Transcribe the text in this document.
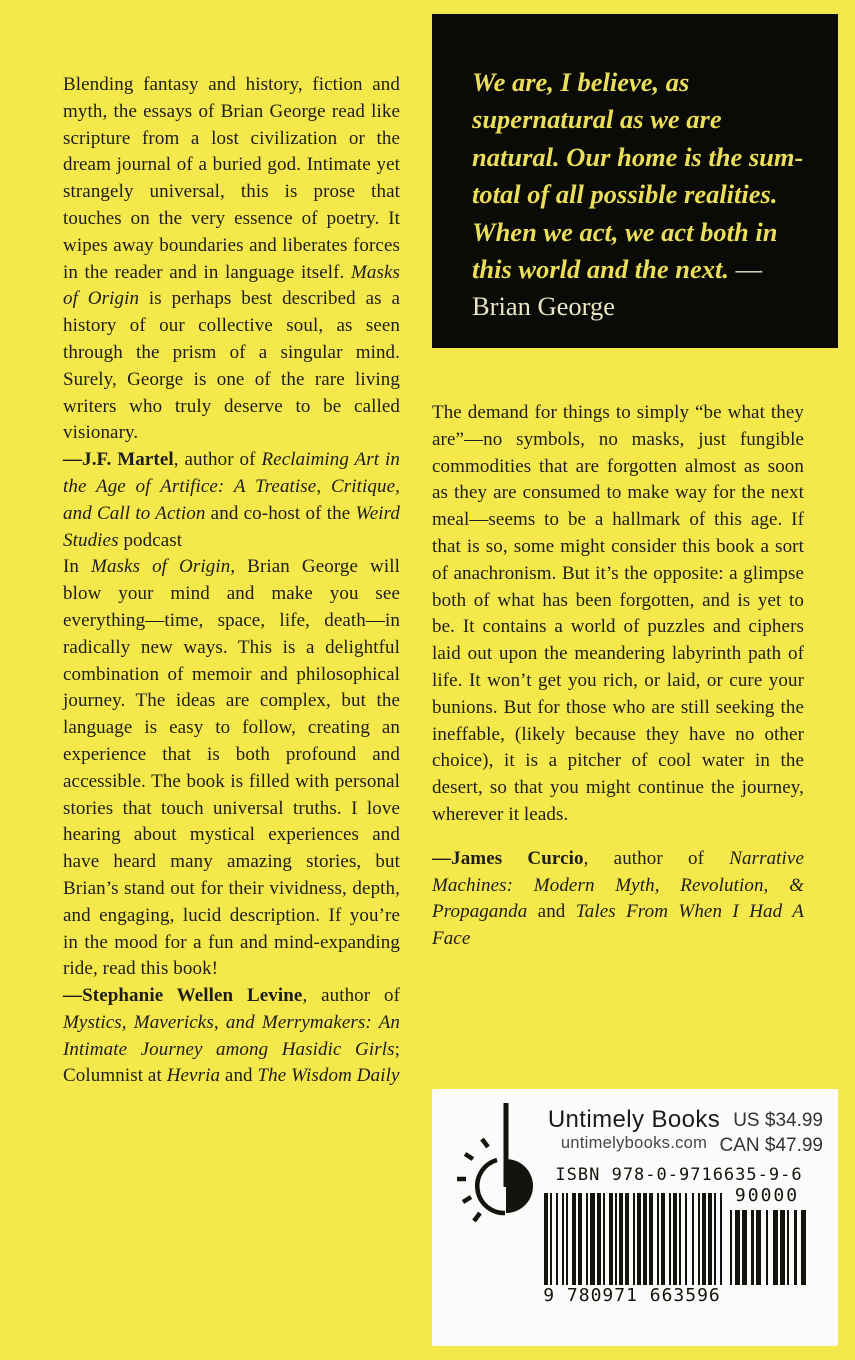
Blending fantasy and history, fiction and myth, the essays of Brian George read like scripture from a lost civilization or the dream journal of a buried god. Intimate yet strangely universal, this is prose that touches on the very essence of poetry. It wipes away boundaries and liberates forces in the reader and in language itself. Masks of Origin is perhaps best described as a history of our collective soul, as seen through the prism of a singular mind. Surely, George is one of the rare living writers who truly deserve to be called visionary.

—J.F. Martel, author of Reclaiming Art in the Age of Artifice: A Treatise, Critique, and Call to Action and co-host of the Weird Studies podcast

In Masks of Origin, Brian George will blow your mind and make you see everything—time, space, life, death—in radically new ways. This is a delightful combination of memoir and philosophical journey. The ideas are complex, but the language is easy to follow, creating an experience that is both profound and accessible. The book is filled with personal stories that touch universal truths. I love hearing about mystical experiences and have heard many amazing stories, but Brian’s stand out for their vividness, depth, and engaging, lucid description. If you’re in the mood for a fun and mind-expanding ride, read this book!

—Stephanie Wellen Levine, author of Mystics, Mavericks, and Merrymakers: An Intimate Journey among Hasidic Girls; Columnist at Hevria and The Wisdom Daily

We are, I believe, as supernatural as we are natural. Our home is the sum-total of all possible realities. When we act, we act both in this world and the next. —Brian George

The demand for things to simply “be what they are”—no symbols, no masks, just fungible commodities that are forgotten almost as soon as they are consumed to make way for the next meal—seems to be a hallmark of this age. If that is so, some might consider this book a sort of anachronism. But it’s the opposite: a glimpse both of what has been forgotten, and is yet to be. It contains a world of puzzles and ciphers laid out upon the meandering labyrinth path of life. It won’t get you rich, or laid, or cure your bunions. But for those who are still seeking the ineffable, (likely because they have no other choice), it is a pitcher of cool water in the desert, so that you might continue the journey, wherever it leads.

—James Curcio, author of Narrative Machines: Modern Myth, Revolution, & Propaganda and Tales From When I Had A Face

Untimely Books
untimelybooks.com
US $34.99
CAN $47.99
ISBN 978-0-9716635-9-6
90000
9 780971 663596
